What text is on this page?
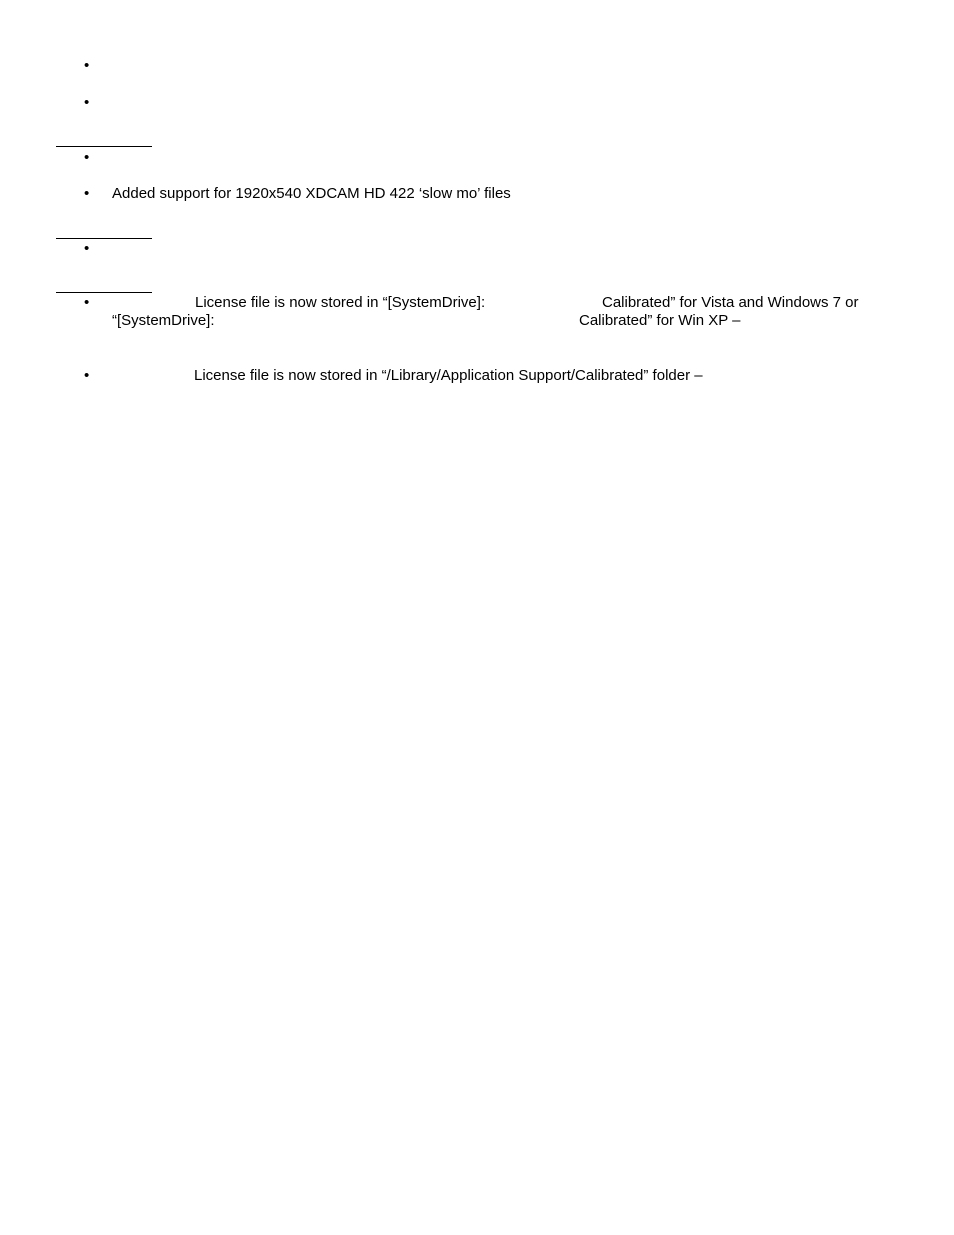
•
•
•
• Added support for 1920x540 XDCAM HD 422 ‘slow mo’ files
•
•	License file is now stored in “[SystemDrive]:	Calibrated” for Vista and Windows 7 or
“[SystemDrive]:	Calibrated” for Win XP –
•	License file is now stored in “/Library/Application Support/Calibrated” folder –
